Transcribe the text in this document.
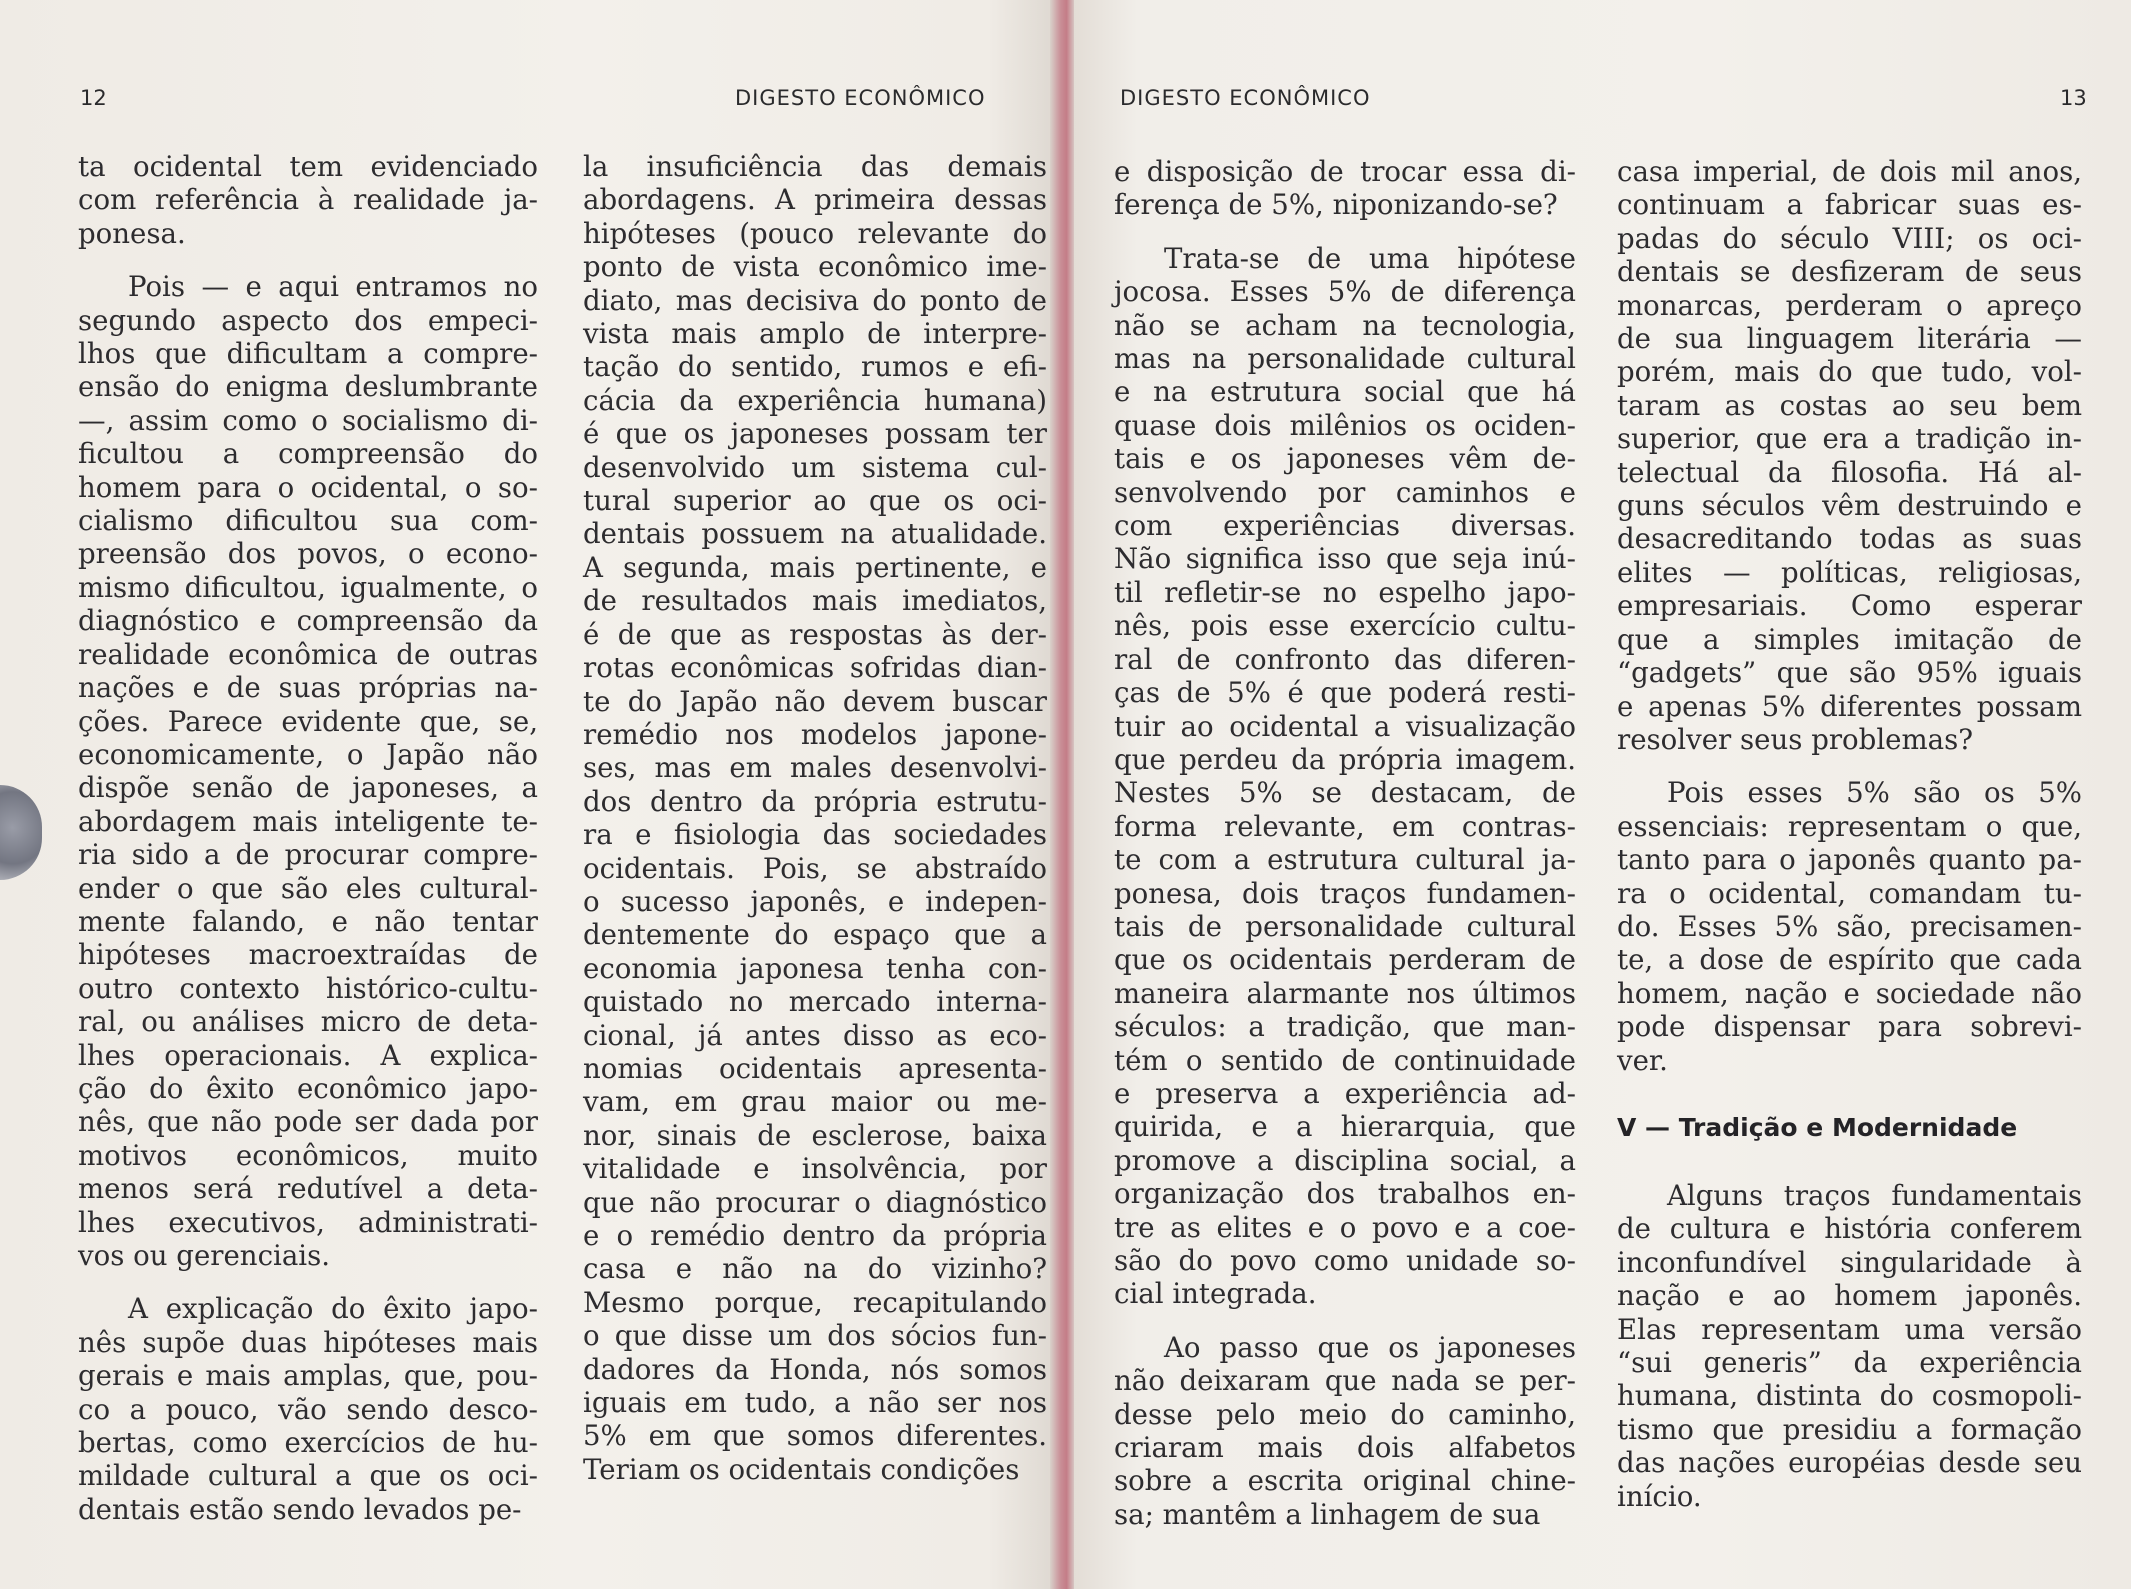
12	DIGESTO ECONÔMICO

ta ocidental tem evidenciado

com referência à realidade ja-

ponesa.

Pois — e aqui entramos no

segundo aspecto dos empeci-

lhos que dificultam a compre-

ensão do enigma deslumbrante

—, assim como o socialismo di-

ficultou a compreensão do

homem para o ocidental, o so-

cialismo dificultou sua com-

preensão dos povos, o econo-

mismo dificultou, igualmente, o

diagnóstico e compreensão da

realidade econômica de outras

nações e de suas próprias na-

ções. Parece evidente que, se,

economicamente, o Japão não

dispõe senão de japoneses, a

abordagem mais inteligente te-

ria sido a de procurar compre-

ender o que são eles cultural-

mente falando, e não tentar

hipóteses macroextraídas de

outro contexto histórico-cultu-

ral, ou análises micro de deta-

lhes operacionais. A explica-

ção do êxito econômico japo-

nês, que não pode ser dada por

motivos econômicos, muito

menos será redutível a deta-

lhes executivos, administrati-

vos ou gerenciais.

A explicação do êxito japo-

nês supõe duas hipóteses mais

gerais e mais amplas, que, pou-

co a pouco, vão sendo desco-

bertas, como exercícios de hu-

mildade cultural a que os oci-

dentais estão sendo levados pe-

la insuficiência das demais

abordagens. A primeira dessas

hipóteses (pouco relevante do

ponto de vista econômico ime-

diato, mas decisiva do ponto de

vista mais amplo de interpre-

tação do sentido, rumos e efi-

cácia da experiência humana)

é que os japoneses possam ter

desenvolvido um sistema cul-

tural superior ao que os oci-

dentais possuem na atualidade.

A segunda, mais pertinente, e

de resultados mais imediatos,

é de que as respostas às der-

rotas econômicas sofridas dian-

te do Japão não devem buscar

remédio nos modelos japone-

ses, mas em males desenvolvi-

dos dentro da própria estrutu-

ra e fisiologia das sociedades

ocidentais. Pois, se abstraído

o sucesso japonês, e indepen-

dentemente do espaço que a

economia japonesa tenha con-

quistado no mercado interna-

cional, já antes disso as eco-

nomias ocidentais apresenta-

vam, em grau maior ou me-

nor, sinais de esclerose, baixa

vitalidade e insolvência, por

que não procurar o diagnóstico

e o remédio dentro da própria

casa e não na do vizinho?

Mesmo porque, recapitulando

o que disse um dos sócios fun-

dadores da Honda, nós somos

iguais em tudo, a não ser nos

5% em que somos diferentes.

Teriam os ocidentais condições

DIGESTO ECONÔMICO	13

e disposição de trocar essa di-

ferença de 5%, niponizando-se?

Trata-se de uma hipótese

jocosa. Esses 5% de diferença

não se acham na tecnologia,

mas na personalidade cultural

e na estrutura social que há

quase dois milênios os ociden-

tais e os japoneses vêm de-

senvolvendo por caminhos e

com experiências diversas.

Não significa isso que seja inú-

til refletir-se no espelho japo-

nês, pois esse exercício cultu-

ral de confronto das diferen-

ças de 5% é que poderá resti-

tuir ao ocidental a visualização

que perdeu da própria imagem.

Nestes 5% se destacam, de

forma relevante, em contras-

te com a estrutura cultural ja-

ponesa, dois traços fundamen-

tais de personalidade cultural

que os ocidentais perderam de

maneira alarmante nos últimos

séculos: a tradição, que man-

tém o sentido de continuidade

e preserva a experiência ad-

quirida, e a hierarquia, que

promove a disciplina social, a

organização dos trabalhos en-

tre as elites e o povo e a coe-

são do povo como unidade so-

cial integrada.

Ao passo que os japoneses

não deixaram que nada se per-

desse pelo meio do caminho,

criaram mais dois alfabetos

sobre a escrita original chine-

sa; mantêm a linhagem de sua

casa imperial, de dois mil anos,

continuam a fabricar suas es-

padas do século VIII; os oci-

dentais se desfizeram de seus

monarcas, perderam o apreço

de sua linguagem literária —

porém, mais do que tudo, vol-

taram as costas ao seu bem

superior, que era a tradição in-

telectual da filosofia. Há al-

guns séculos vêm destruindo e

desacreditando todas as suas

elites — políticas, religiosas,

empresariais. Como esperar

que a simples imitação de

“gadgets” que são 95% iguais

e apenas 5% diferentes possam

resolver seus problemas?

Pois esses 5% são os 5%

essenciais: representam o que,

tanto para o japonês quanto pa-

ra o ocidental, comandam tu-

do. Esses 5% são, precisamen-

te, a dose de espírito que cada

homem, nação e sociedade não

pode dispensar para sobrevi-

ver.

V — Tradição e Modernidade

Alguns traços fundamentais

de cultura e história conferem

inconfundível singularidade à

nação e ao homem japonês.

Elas representam uma versão

“sui generis” da experiência

humana, distinta do cosmopoli-

tismo que presidiu a formação

das nações européias desde seu

início.
